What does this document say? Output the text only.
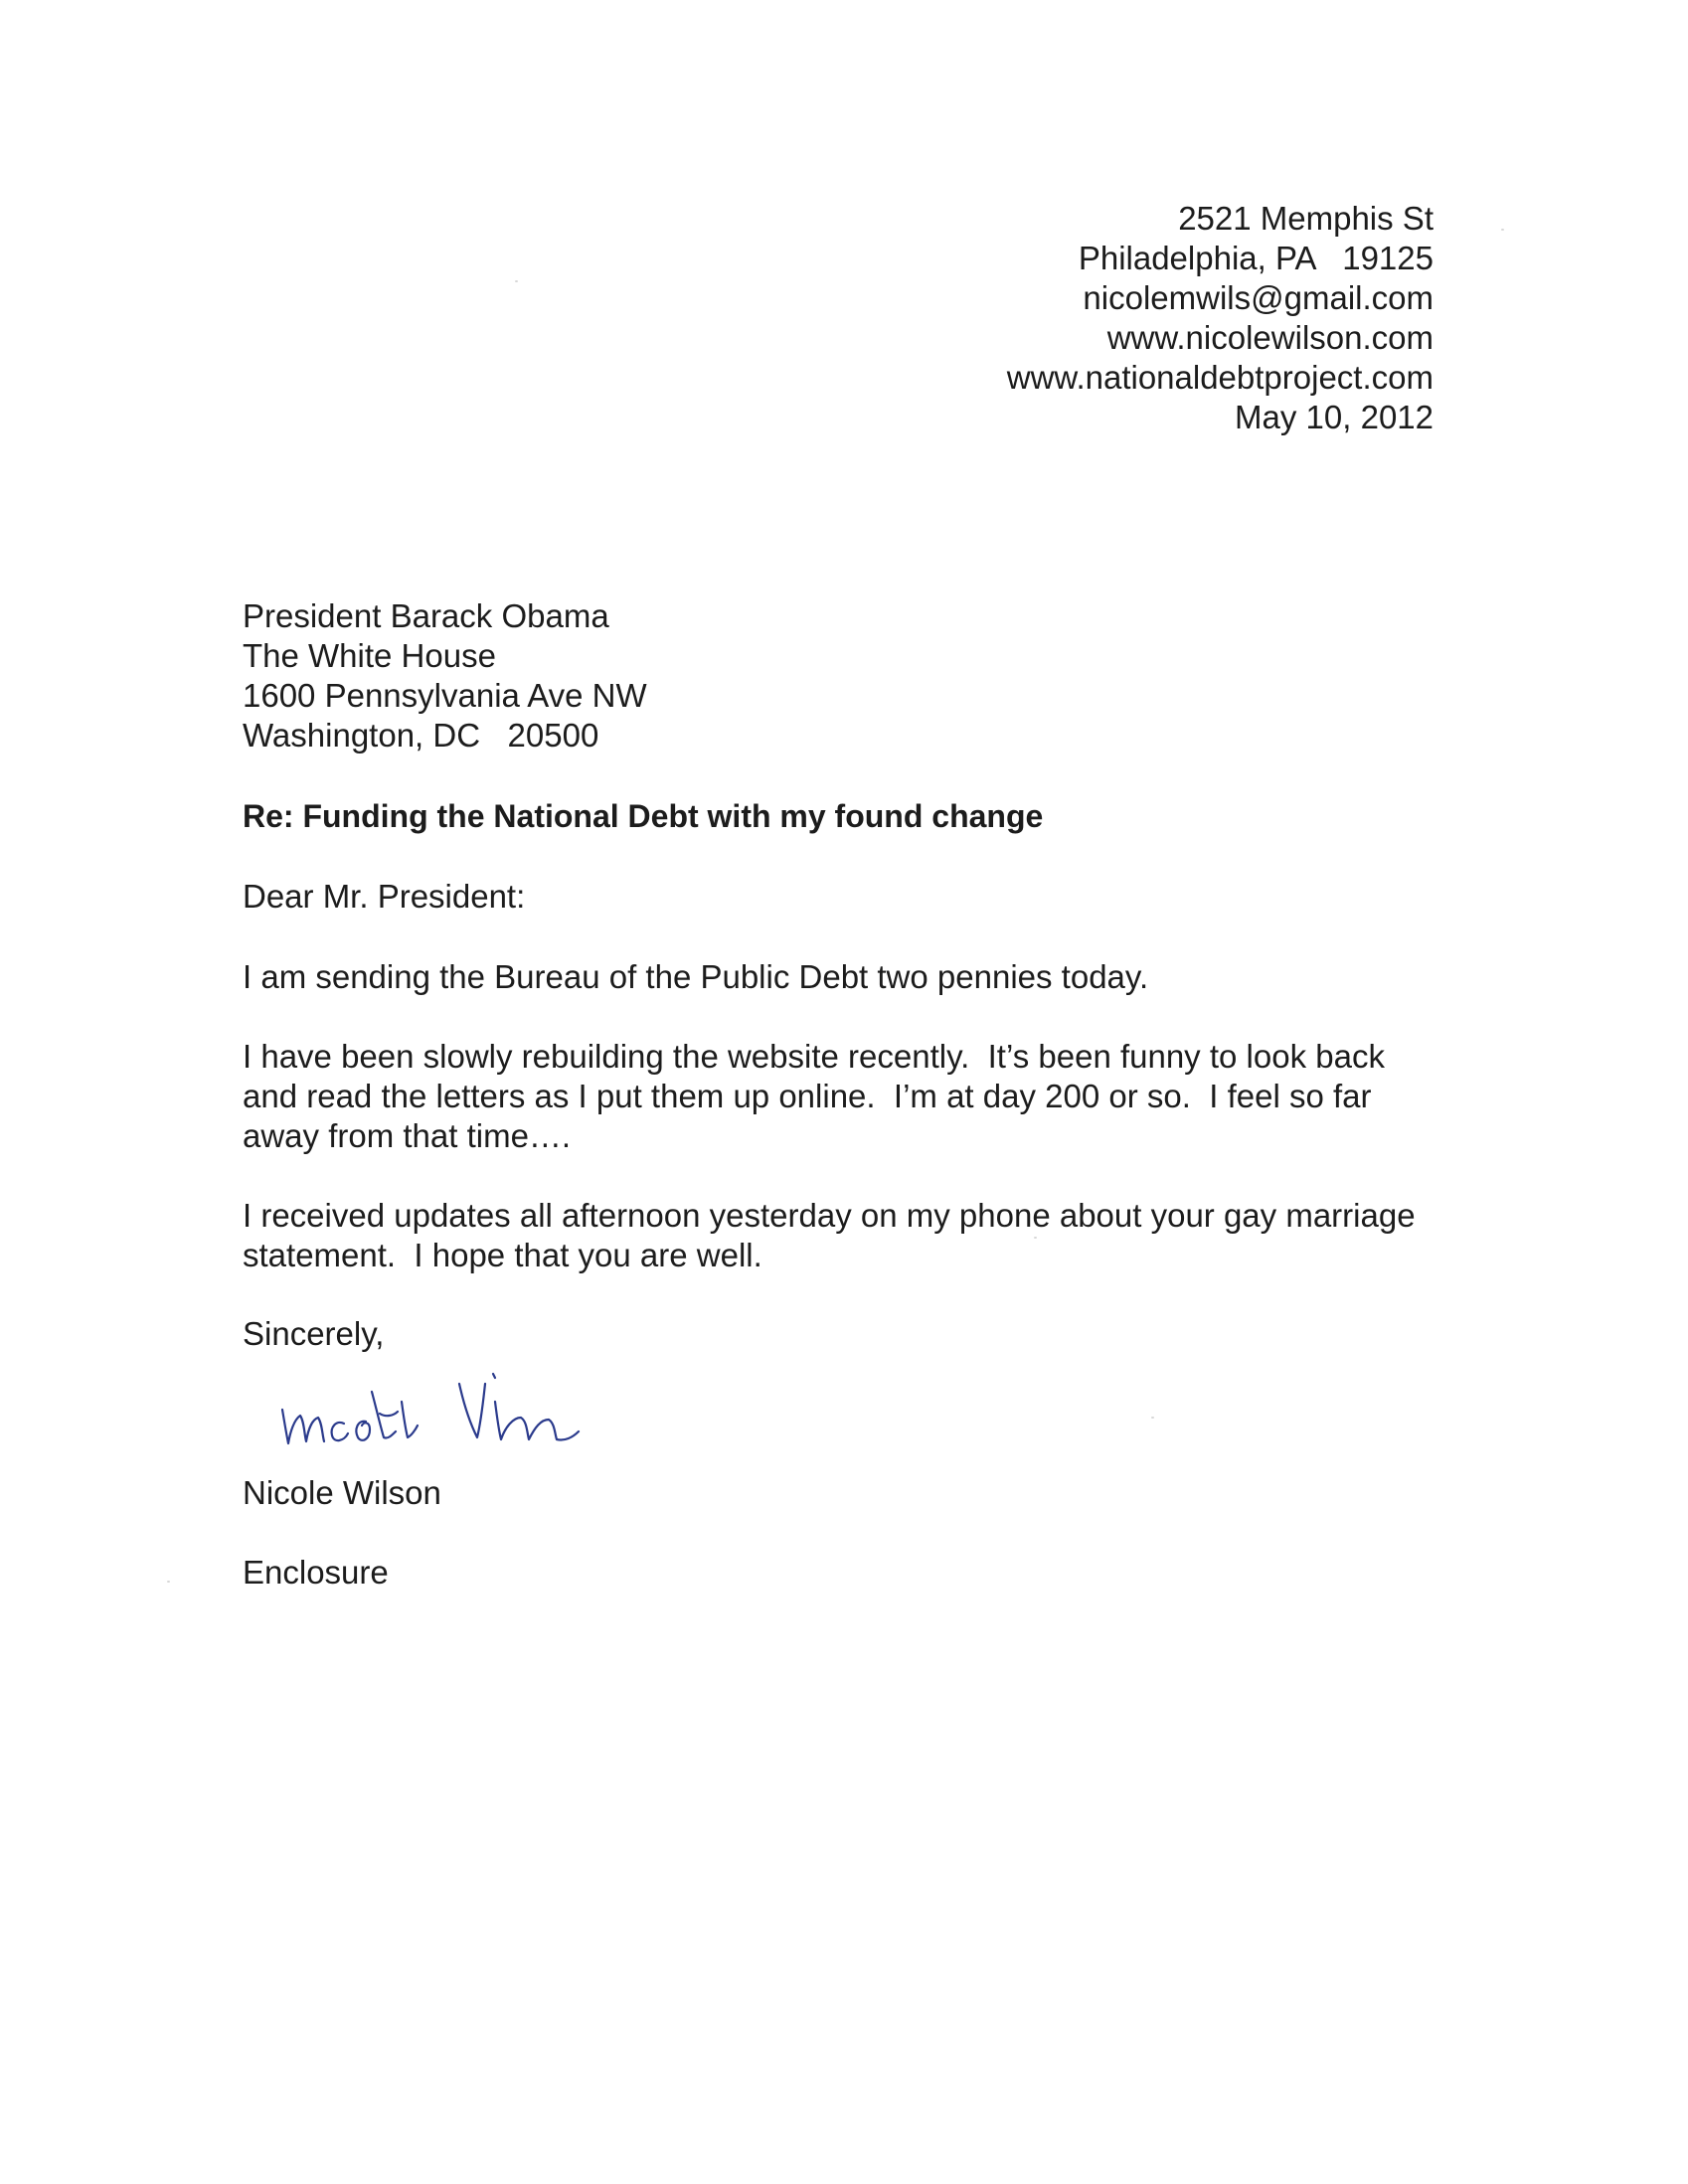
2521 Memphis St
Philadelphia, PA   19125
nicolemwils@gmail.com
www.nicolewilson.com
www.nationaldebtproject.com
May 10, 2012
President Barack Obama
The White House
1600 Pennsylvania Ave NW
Washington, DC   20500
Re: Funding the National Debt with my found change
Dear Mr. President:
I am sending the Bureau of the Public Debt two pennies today.
I have been slowly rebuilding the website recently.  It’s been funny to look back
and read the letters as I put them up online.  I’m at day 200 or so.  I feel so far
away from that time….
I received updates all afternoon yesterday on my phone about your gay marriage
statement.  I hope that you are well.
Sincerely,
Nicole Wilson
Enclosure
